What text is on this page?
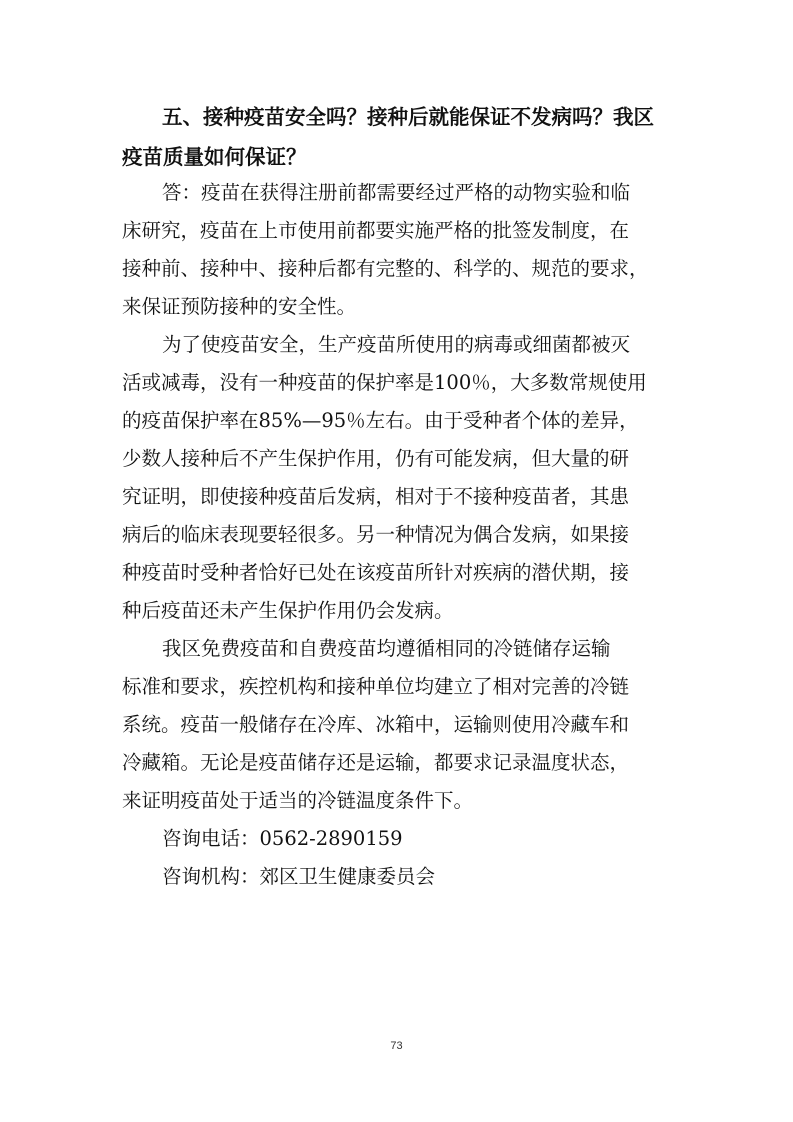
五、接种疫苗安全吗？接种后就能保证不发病吗？我区

疫苗质量如何保证？

答：疫苗在获得注册前都需要经过严格的动物实验和临

床研究，疫苗在上市使用前都要实施严格的批签发制度，在

接种前、接种中、接种后都有完整的、科学的、规范的要求，

来保证预防接种的安全性。

为了使疫苗安全，生产疫苗所使用的病毒或细菌都被灭

活或减毒，没有一种疫苗的保护率是100％，大多数常规使用

的疫苗保护率在85%—95％左右。由于受种者个体的差异，

少数人接种后不产生保护作用，仍有可能发病，但大量的研

究证明，即使接种疫苗后发病，相对于不接种疫苗者，其患

病后的临床表现要轻很多。另一种情况为偶合发病，如果接

种疫苗时受种者恰好已处在该疫苗所针对疾病的潜伏期，接

种后疫苗还未产生保护作用仍会发病。

我区免费疫苗和自费疫苗均遵循相同的冷链储存运输

标准和要求，疾控机构和接种单位均建立了相对完善的冷链

系统。疫苗一般储存在冷库、冰箱中，运输则使用冷藏车和

冷藏箱。无论是疫苗储存还是运输，都要求记录温度状态，

来证明疫苗处于适当的冷链温度条件下。

咨询电话：0562-2890159

咨询机构：郊区卫生健康委员会

73
